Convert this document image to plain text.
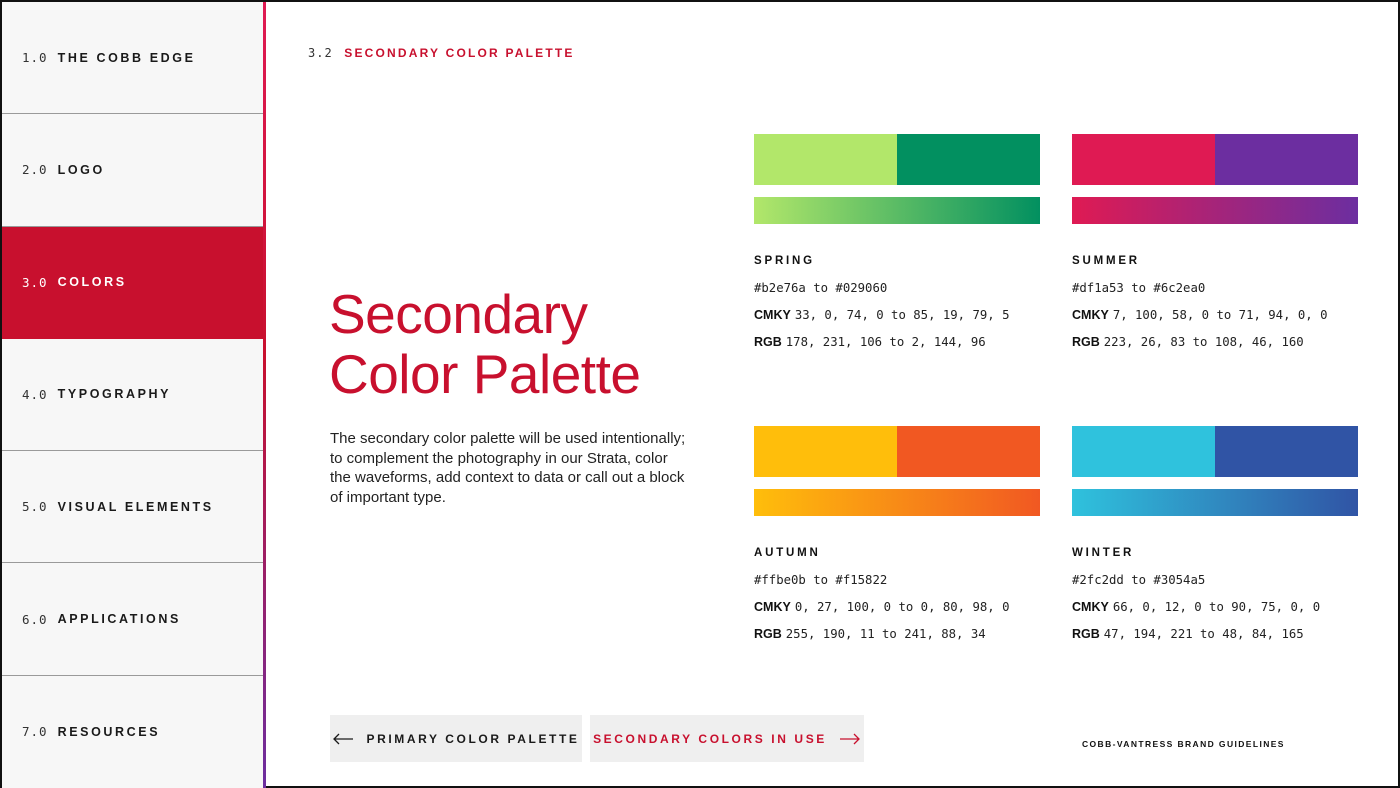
1.0 THE COBB EDGE
2.0 LOGO
3.0 COLORS
4.0 TYPOGRAPHY
5.0 VISUAL ELEMENTS
6.0 APPLICATIONS
7.0 RESOURCES
3.2 SECONDARY COLOR PALETTE
Secondary
Color Palette

The secondary color palette will be used intentionally; to complement the photography in our Strata, color the waveforms, add context to data or call out a block of important type.

SPRING
#b2e76a to #029060
CMKY 33, 0, 74, 0 to 85, 19, 79, 5
RGB 178, 231, 106 to 2, 144, 96
SUMMER
#df1a53 to #6c2ea0
CMKY 7, 100, 58, 0 to 71, 94, 0, 0
RGB 223, 26, 83 to 108, 46, 160
AUTUMN
#ffbe0b to #f15822
CMKY 0, 27, 100, 0 to 0, 80, 98, 0
RGB 255, 190, 11 to 241, 88, 34
WINTER
#2fc2dd to #3054a5
CMKY 66, 0, 12, 0 to 90, 75, 0, 0
RGB 47, 194, 221 to 48, 84, 165
PRIMARY COLOR PALETTE SECONDARY COLORS IN USE	COBB-VANTRESS BRAND GUIDELINES
